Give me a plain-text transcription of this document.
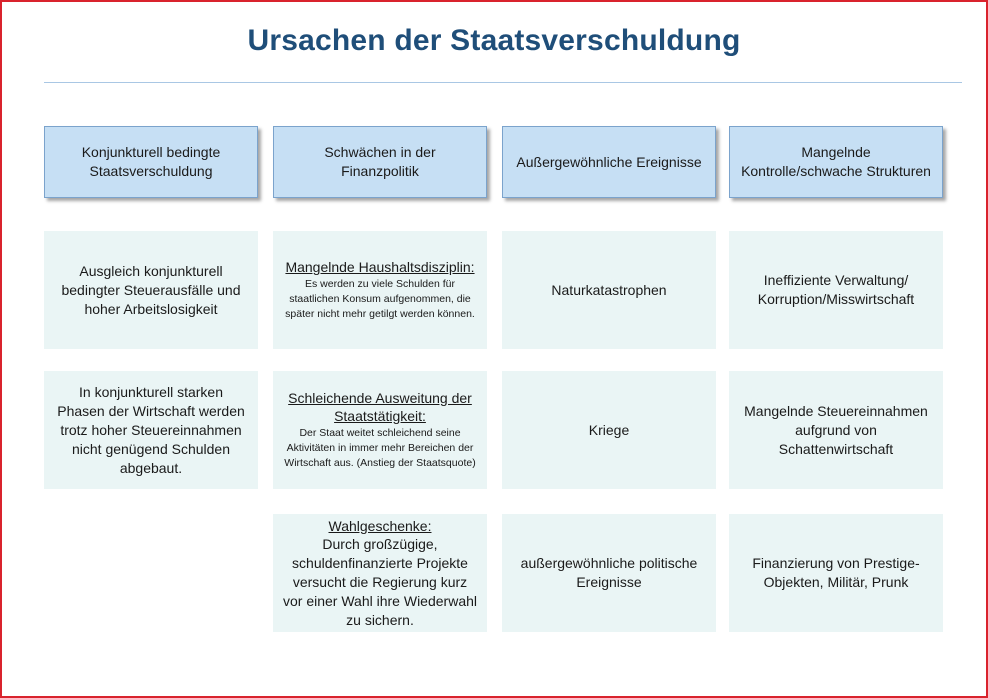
Ursachen der Staatsverschuldung
Konjunkturell bedingte Staatsverschuldung
Schwächen in der Finanzpolitik
Außergewöhnliche Ereignisse
Mangelnde Kontrolle/schwache Strukturen
Ausgleich konjunkturell bedingter Steuerausfälle und hoher Arbeitslosigkeit
In konjunkturell starken Phasen der Wirtschaft werden trotz hoher Steuereinnahmen nicht genügend Schulden abgebaut.
Mangelnde Haushaltsdisziplin:
Es werden zu viele Schulden für staatlichen Konsum aufgenommen, die später nicht mehr getilgt werden können.
Schleichende Ausweitung der Staatstätigkeit:
Der Staat weitet schleichend seine Aktivitäten in immer mehr Bereichen der Wirtschaft aus. (Anstieg der Staatsquote)
Wahlgeschenke:
Durch großzügige, schuldenfinanzierte Projekte versucht die Regierung kurz vor einer Wahl ihre Wiederwahl zu sichern.
Naturkatastrophen
Kriege
außergewöhnliche politische Ereignisse
Ineffiziente Verwaltung/ Korruption/Misswirtschaft
Mangelnde Steuereinnahmen aufgrund von Schattenwirtschaft
Finanzierung von Prestige-Objekten, Militär, Prunk
